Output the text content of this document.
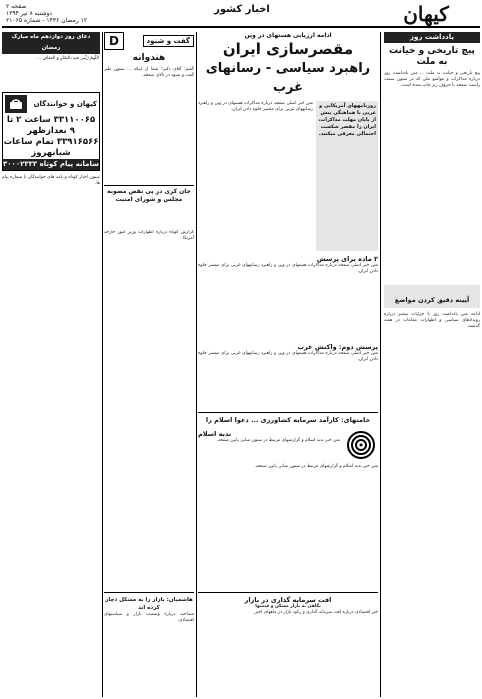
کیهان
اخبار کشور
صفحه ۲
دوشنبه ۸ تیر ۱۳۹۴
۱۲ رمضان ۱۴۳۶ - شماره ۲۱۰۶۵
یادداشت روز
پیچ تاریخی و خیانت به ملت
پیچ تاریخی و خیانت به ملت ... متن یادداشت روز درباره مذاکرات و مواضع ملی که در ستون سمت راست صفحه با حروف ریز چاپ شده است.
آیینه دقیق کردن مواضع
ادامه متن یادداشت روز با جزئیات بیشتر درباره رویدادهای سیاسی و اظهارات مقامات در هفته گذشته.
ادامه ارزیابی هستهای در وین
مقصرسازی ایران
راهبرد سیاسی - رسانهای غرب
روزنامههای آمریکایی و غربی با هماهنگی پیش از پایان مهلت مذاکرات، ایران را مقصر شکست احتمالی معرفی میکنند.
متن خبر اصلی صفحه درباره مذاکرات هستهای در وین و راهبرد رسانههای غربی برای مقصر جلوه دادن ایران.
۲ ماده برای پرسش
متن خبر اصلی صفحه درباره مذاکرات هستهای در وین و راهبرد رسانههای غربی برای مقصر جلوه دادن ایران.
پرسش دوم: واکنش غرب
متن خبر اصلی صفحه درباره مذاکرات هستهای در وین و راهبرد رسانههای غربی برای مقصر جلوه دادن ایران.
خامنهای: کارآمد سرمایه کشاورزی ... دعوا اسلام را
ندبه اسلام
متن خبر ندبه اسلام و گزارشهای مرتبط در ستون میانی پایین صفحه.
متن خبر ندبه اسلام و گزارشهای مرتبط در ستون میانی پایین صفحه.
افت سرمایه گذاری در بازار
نگاهی به بازار مسکن و قیمتها
خبر اقتصادی درباره افت سرمایه گذاری و رکود بازار در ماههای اخیر.
گفت و شنود
D
هندوانه
گفتم: آقای دکتر! شما از اینکه ... ستون طنز گفت و شنود در بالای صفحه.
جان کری در پی نقض مصوبه مجلس و شورای امنیت
گزارش کوتاه درباره اظهارات وزیر امور خارجه آمریکا.
هاشمیان: بازار را به مشکل دچار کرده اند
مصاحبه درباره وضعیت بازار و سیاستهای اقتصادی.
دعای روز دوازدهم ماه مبارک رمضان
اللّهمّ زَیِّنی فیهِ بالسّتْرِ و العفافِ ...
کیهان و خوانندگان
۳۳۱۱۰۰۶۵ ساعت ۲ تا ۹ بعدازظهر
۳۳۹۱۶۵۶۶ تمام ساعات شبانهروز
سامانه پیام کوتاه ۳۰۰۰۲۳۳۳
ستون اخبار کوتاه و نامه های خوانندگان با شماره پیام ها.
